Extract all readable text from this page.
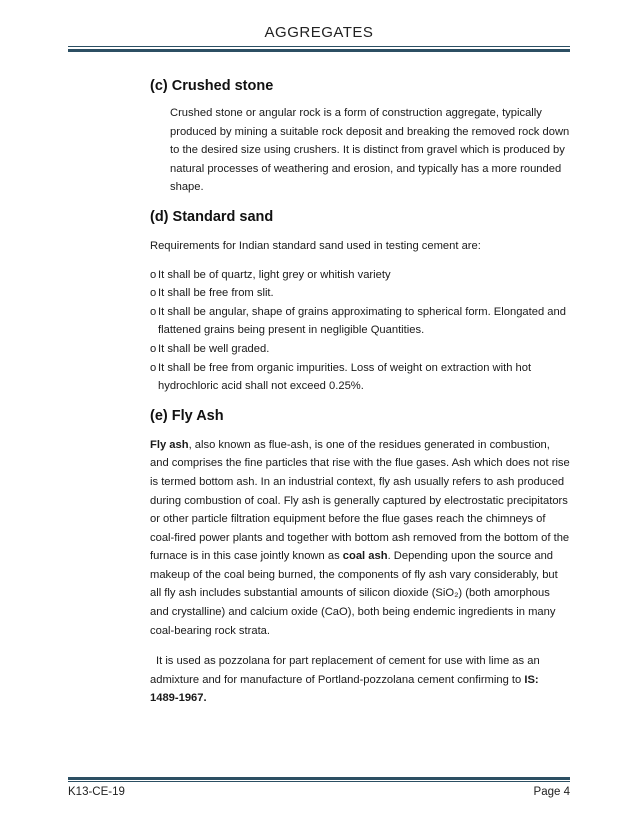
AGGREGATES
(c) Crushed stone

Crushed stone or angular rock is a form of construction aggregate, typically produced by mining a suitable rock deposit and breaking the removed rock down to the desired size using crushers. It is distinct from gravel which is produced by natural processes of weathering and erosion, and typically has a more rounded shape.

(d) Standard sand

Requirements for Indian standard sand used in testing cement are:

o It shall be of quartz, light grey or whitish variety
o It shall be free from slit.
o It shall be angular, shape of grains approximating to spherical form. Elongated and flattened grains being present in negligible Quantities.
o It shall be well graded.
o It shall be free from organic impurities. Loss of weight on extraction with hot hydrochloric acid shall not exceed 0.25%.
(e) Fly Ash

Fly ash, also known as flue-ash, is one of the residues generated in combustion, and comprises the fine particles that rise with the flue gases. Ash which does not rise is termed bottom ash. In an industrial context, fly ash usually refers to ash produced during combustion of coal. Fly ash is generally captured by electrostatic precipitators or other particle filtration equipment before the flue gases reach the chimneys of coal-fired power plants and together with bottom ash removed from the bottom of the furnace is in this case jointly known as coal ash. Depending upon the source and makeup of the coal being burned, the components of fly ash vary considerably, but all fly ash includes substantial amounts of silicon dioxide (SiO₂) (both amorphous and crystalline) and calcium oxide (CaO), both being endemic ingredients in many coal-bearing rock strata.

It is used as pozzolana for part replacement of cement for use with lime as an admixture and for manufacture of Portland-pozzolana cement confirming to IS: 1489-1967.

K13-CE-19	Page 4
